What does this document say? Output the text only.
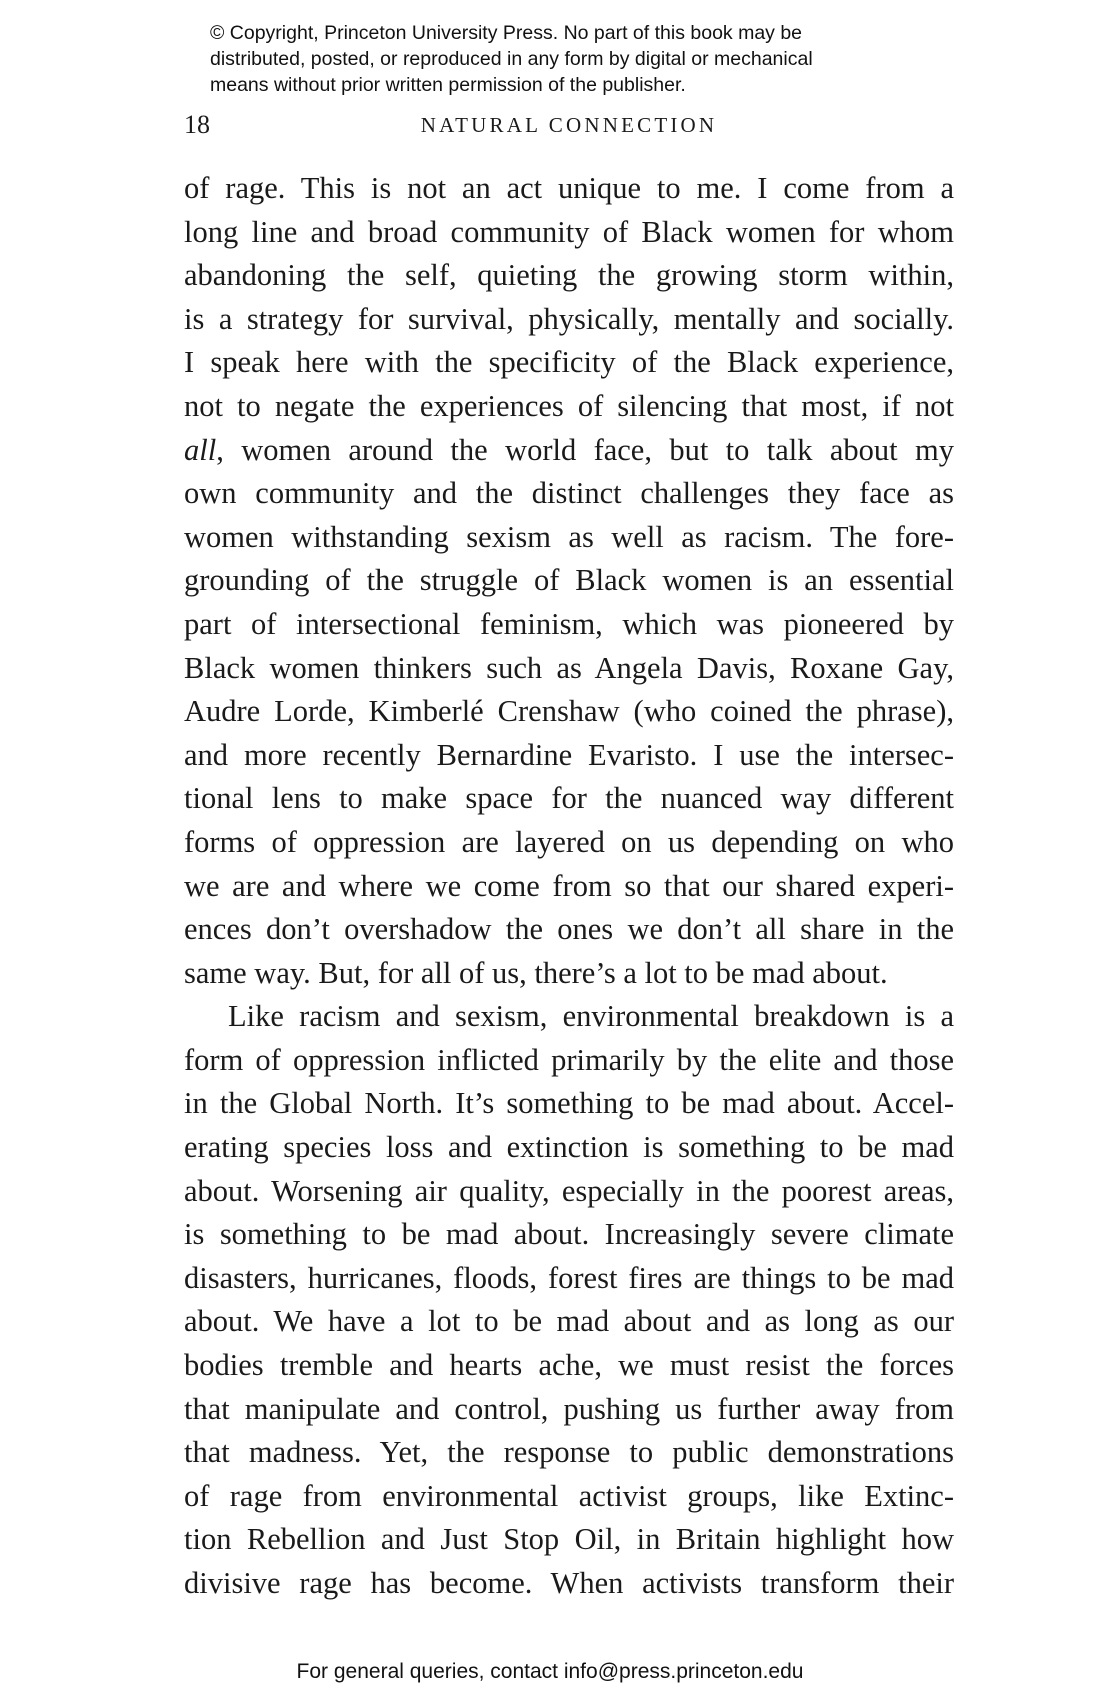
© Copyright, Princeton University Press. No part of this book may be
distributed, posted, or reproduced in any form by digital or mechanical
means without prior written permission of the publisher.
18	NATURAL CONNECTION
of rage. This is not an act unique to me. I come from a
long line and broad community of Black women for whom
abandoning the self, quieting the growing storm within,
is a strategy for survival, physically, mentally and socially.
I speak here with the specificity of the Black experience,
not to negate the experiences of silencing that most, if not
all, women around the world face, but to talk about my
own community and the distinct challenges they face as
women withstanding sexism as well as racism. The fore-
grounding of the struggle of Black women is an essential
part of intersectional feminism, which was pioneered by
Black women thinkers such as Angela Davis, Roxane Gay,
Audre Lorde, Kimberlé Crenshaw (who coined the phrase),
and more recently Bernardine Evaristo. I use the intersec-
tional lens to make space for the nuanced way different
forms of oppression are layered on us depending on who
we are and where we come from so that our shared experi-
ences don’t overshadow the ones we don’t all share in the
same way. But, for all of us, there’s a lot to be mad about.
Like racism and sexism, environmental breakdown is a
form of oppression inflicted primarily by the elite and those
in the Global North. It’s something to be mad about. Accel-
erating species loss and extinction is something to be mad
about. Worsening air quality, especially in the poorest areas,
is something to be mad about. Increasingly severe climate
disasters, hurricanes, floods, forest fires are things to be mad
about. We have a lot to be mad about and as long as our
bodies tremble and hearts ache, we must resist the forces
that manipulate and control, pushing us further away from
that madness. Yet, the response to public demonstrations
of rage from environmental activist groups, like Extinc-
tion Rebellion and Just Stop Oil, in Britain highlight how
divisive rage has become. When activists transform their
For general queries, contact info@press.princeton.edu
